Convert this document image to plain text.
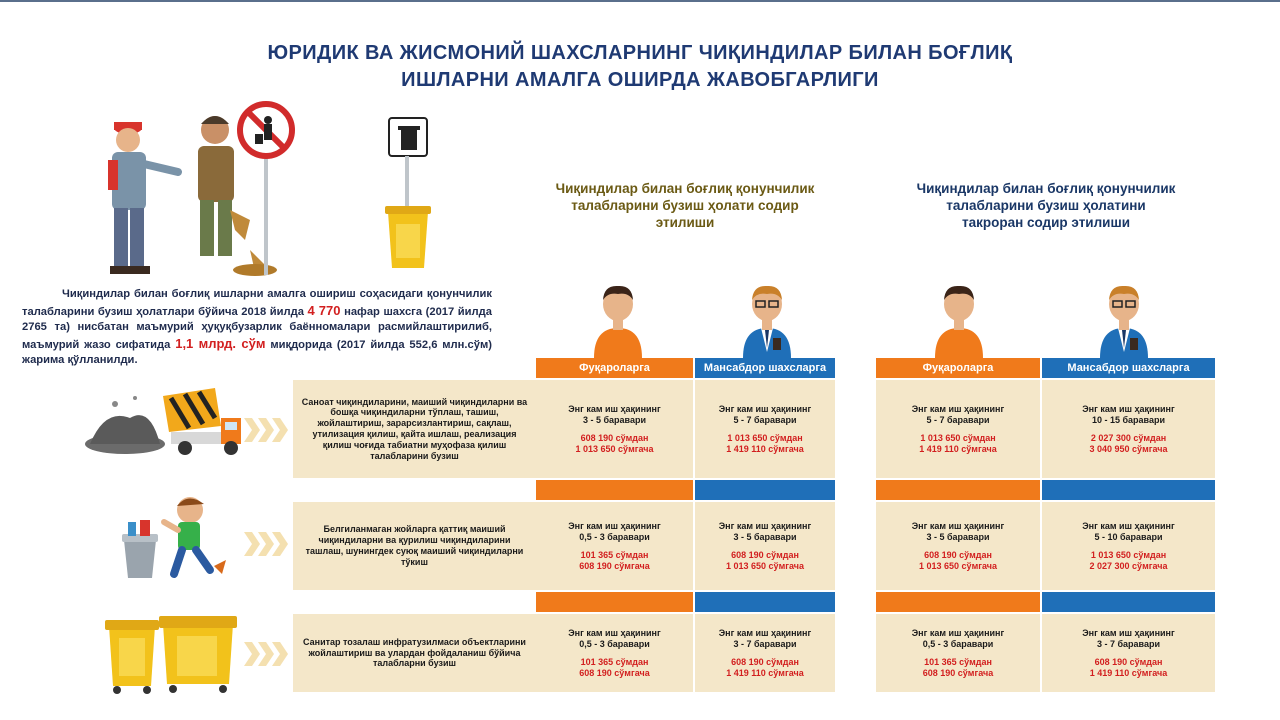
ЮРИДИК ВА ЖИСМОНИЙ ШАХСЛАРНИНГ ЧИҚИНДИЛАР БИЛАН БОҒЛИҚ
ИШЛАРНИ АМАЛГА ОШИРДА ЖАВОБГАРЛИГИ
Чиқиндилар билан боғлиқ қонунчилик
талабларини бузиш ҳолати содир
этилиши
Чиқиндилар билан боғлиқ қонунчилик
талабларини бузиш ҳолатини
такроран содир этилиши
Чиқиндилар билан боғлиқ ишларни амалга ошириш соҳасидаги қонунчилик талабларини бузиш ҳолатлари бўйича 2018 йилда 4 770 нафар шахсга (2017 йилда 2765 та) нисбатан маъмурий ҳуқуқбузарлик баённомалари расмийлаштирилиб, маъмурий жазо сифатида 1,1 млрд. сўм миқдорида (2017 йилда 552,6 млн.сўм) жарима қўлланилди.
Фуқароларга	Мансабдор шахсларга	Фуқароларга	Мансабдор шахсларга
Саноат чиқиндиларини, маиший чиқиндиларни ва бошқа чиқиндиларни тўплаш, ташиш, жойлаштириш, зарарсизлантириш, сақлаш, утилизация қилиш, қайта ишлаш, реализация қилиш чоғида табиатни муҳофаза қилиш талабларини бузиш
Энг кам иш ҳақининг
3 - 5 баравари
608 190 сўмдан
1 013 650 сўмгача
Энг кам иш ҳақининг
5 - 7 баравари
1 013 650 сўмдан
1 419 110 сўмгача
Энг кам иш ҳақининг
5 - 7 баравари
1 013 650 сўмдан
1 419 110 сўмгача
Энг кам иш ҳақининг
10 - 15 баравари
2 027 300 сўмдан
3 040 950 сўмгача
Белгиланмаган жойларга қаттиқ маиший чиқиндиларни ва қурилиш чиқиндиларини ташлаш, шунингдек суюқ маиший чиқиндиларни тўкиш
Энг кам иш ҳақининг
0,5 - 3 баравари
101 365 сўмдан
608 190 сўмгача
Энг кам иш ҳақининг
3 - 5 баравари
608 190 сўмдан
1 013 650 сўмгача
Энг кам иш ҳақининг
3 - 5 баравари
608 190 сўмдан
1 013 650 сўмгача
Энг кам иш ҳақининг
5 - 10 баравари
1 013 650 сўмдан
2 027 300 сўмгача
Санитар тозалаш инфратузилмаси объектларини жойлаштириш ва улардан фойдаланиш бўйича талабларни бузиш
Энг кам иш ҳақининг
0,5 - 3 баравари
101 365 сўмдан
608 190 сўмгача
Энг кам иш ҳақининг
3 - 7 баравари
608 190 сўмдан
1 419 110 сўмгача
Энг кам иш ҳақининг
0,5 - 3 баравари
101 365 сўмдан
608 190 сўмгача
Энг кам иш ҳақининг
3 - 7 баравари
608 190 сўмдан
1 419 110 сўмгача
